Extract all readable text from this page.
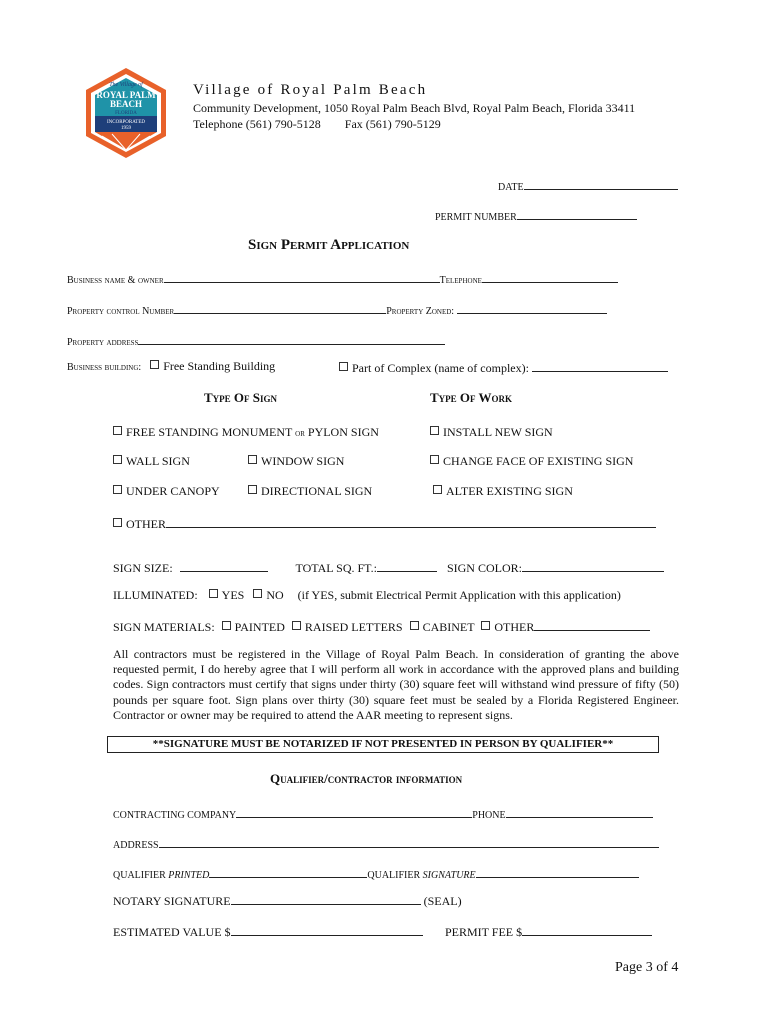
The Village of
ROYAL PALM
BEACH
FLORIDA
INCORPORATED
1959
Village of Royal Palm Beach
Community Development, 1050 Royal Palm Beach Blvd, Royal Palm Beach, Florida 33411
Telephone (561) 790-5128 Fax (561) 790-5129
DATE
PERMIT NUMBER
Sign Permit Application
Business name & owner	Telephone
Property control Number	Property Zoned:
Property address
Business building: Free Standing Building	Part of Complex (name of complex):
Type Of Sign	Type Of Work
FREE STANDING MONUMENT or PYLON SIGN	INSTALL NEW SIGN
WALL SIGN	WINDOW SIGN	CHANGE FACE OF EXISTING SIGN
UNDER CANOPY	DIRECTIONAL SIGN	ALTER EXISTING SIGN
OTHER
SIGN SIZE:	TOTAL SQ. FT.:	SIGN COLOR:
ILLUMINATED: YES NO (if YES, submit Electrical Permit Application with this application)
SIGN MATERIALS: PAINTED RAISED LETTERS CABINET OTHER
All contractors must be registered in the Village of Royal Palm Beach. In consideration of granting the above requested permit, I do hereby agree that I will perform all work in accordance with the approved plans and building codes. Sign contractors must certify that signs under thirty (30) square feet will withstand wind pressure of fifty (50) pounds per square foot. Sign plans over thirty (30) square feet must be sealed by a Florida Registered Engineer. Contractor or owner may be required to attend the AAR meeting to represent signs.
**SIGNATURE MUST BE NOTARIZED IF NOT PRESENTED IN PERSON BY QUALIFIER**
Qualifier/contractor information
CONTRACTING COMPANY	PHONE
ADDRESS
QUALIFIER PRINTED	QUALIFIER SIGNATURE
NOTARY SIGNATURE	(SEAL)
ESTIMATED VALUE $	PERMIT FEE $
Page 3 of 4
